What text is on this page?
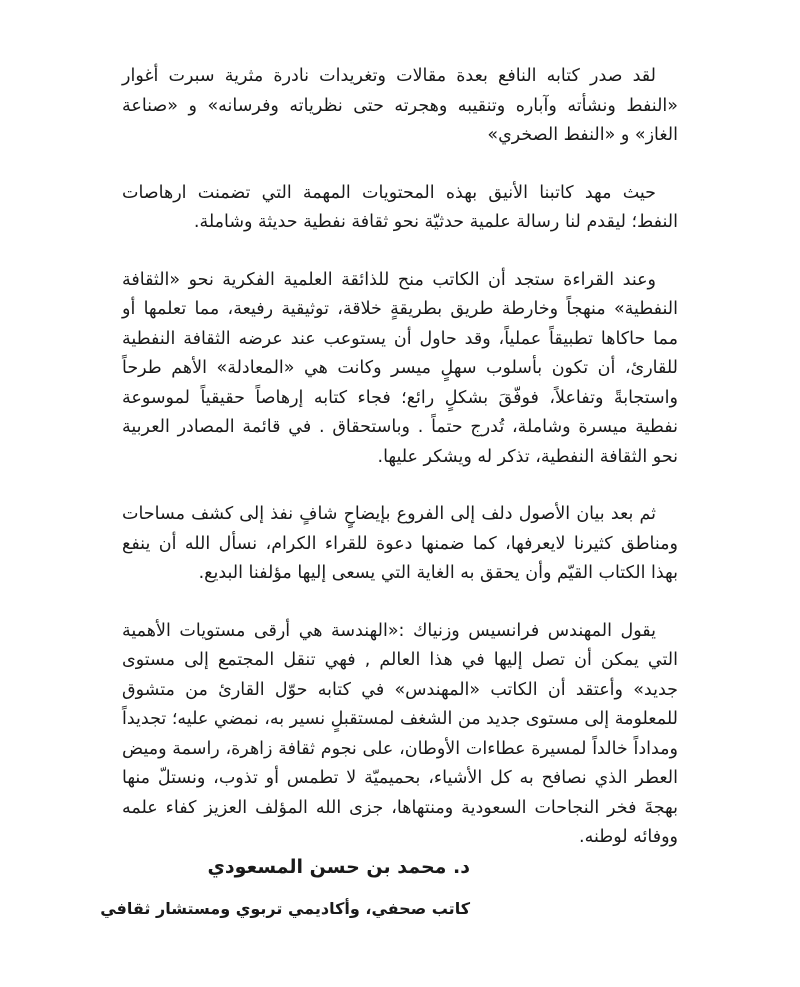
لقد صدر كتابه النافع بعدة مقالات وتغريدات نادرة مثرية سبرت أغوار «النفط ونشأته وآباره وتنقيبه وهجرته حتى نظرياته وفرسانه» و «صناعة الغاز» و «النفط الصخري»

حيث مهد كاتبنا الأنيق بهذه المحتويات المهمة التي تضمنت ارهاصات النفط؛ ليقدم لنا رسالة علمية حدثيّة نحو ثقافة نفطية حديثة وشاملة.

وعند القراءة ستجد أن الكاتب منح للذائقة العلمية الفكرية نحو «الثقافة النفطية» منهجاً وخارطة طريق بطريقةٍ خلاقة، توثيقية رفيعة، مما تعلمها أو مما حاكاها تطبيقاً عملياً، وقد حاول أن يستوعب عند عرضه الثقافة النفطية للقارئ، أن تكون بأسلوب سهلٍ ميسر وكانت هي «المعادلة» الأهم طرحاً واستجابةً وتفاعلاً، فوفّقَ بشكلٍ رائع؛ فجاء كتابه إرهاصاً حقيقياً لموسوعة نفطية ميسرة وشاملة، تُدرج حتماً . وباستحقاق . في قائمة المصادر العربية نحو الثقافة النفطية، تذكر له ويشكر عليها.

ثم بعد بيان الأصول دلف إلى الفروع بإيضاحٍ شافٍ نفذ إلى كشف مساحات ومناطق كثيرنا لايعرفها، كما ضمنها دعوة للقراء الكرام، نسأل الله أن ينفع بهذا الكتاب القيّم وأن يحقق به الغاية التي يسعى إليها مؤلفنا البديع.

يقول المهندس فرانسيس وزنياك :«الهندسة هي أرقى مستويات الأهمية التي يمكن أن تصل إليها في هذا العالم , فهي تنقل المجتمع إلى مستوى جديد» وأعتقد أن الكاتب «المهندس» في كتابه حوّل القارئ من متشوق للمعلومة إلى مستوى جديد من الشغف لمستقبلٍ نسير به، نمضي عليه؛ تجديداً ومداداً خالداً لمسيرة عطاءات الأوطان، على نجوم ثقافة زاهرة، راسمة وميض العطر الذي نصافح به كل الأشياء، بحميميّة لا تطمس أو تذوب، ونستلّ منها بهجةَ فخر النجاحات السعودية ومنتهاها، جزى الله المؤلف العزيز كفاء علمه ووفائه لوطنه.

د. محمد بن حسن المسعودي

كاتب صحفي، وأكاديمي تربوي ومستشار ثقافي
